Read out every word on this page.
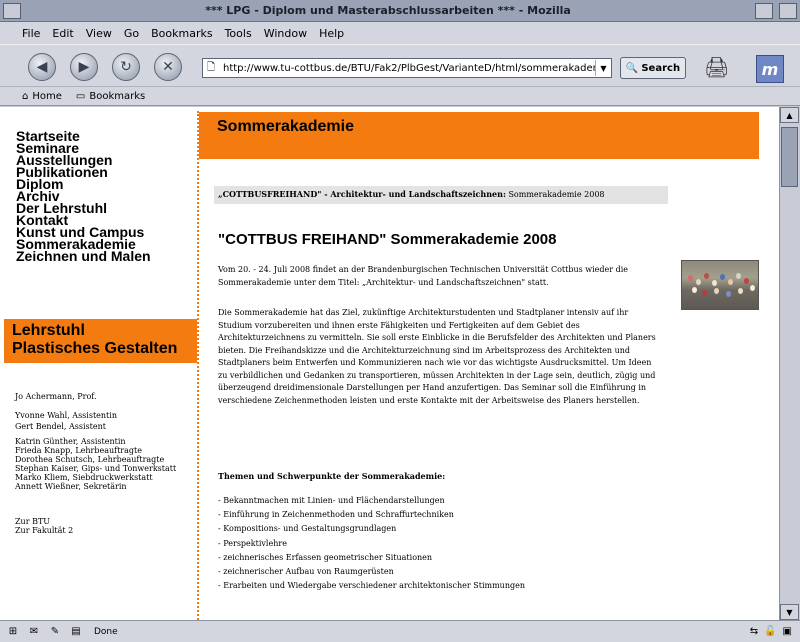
*** LPG - Diplom und Masterabschlussarbeiten *** - Mozilla
File Edit View Go Bookmarks Tools Window Help
◀ ▶ ↻ ✕	🗋
http://www.tu-cottbus.de/BTU/Fak2/PlbGest/VarianteD/html/sommerakademie.html	▼	🔍 Search 🖨	m
⌂ Home ▭ Bookmarks
Startseite
Seminare
Ausstellungen
Publikationen
Diplom
Archiv
Der Lehrstuhl
Kontakt
Kunst und Campus
Sommerakademie
Zeichnen und Malen
Lehrstuhl
Plastisches Gestalten
Jo Achermann, Prof.
Yvonne Wahl, Assistentin
Gert Bendel, Assistent
Katrin Günther, Assistentin
Frieda Knapp, Lehrbeauftragte
Dorothea Schutsch, Lehrbeauftragte
Stephan Kaiser, Gips- und Tonwerkstatt
Marko Kliem, Siebdruckwerkstatt
Annett Wießner, Sekretärin
Zur BTU
Zur Fakultät 2
Sommerakademie
„COTTBUSFREIHAND" - Architektur- und Landschaftszeichnen: Sommerakademie 2008
"COTTBUS FREIHAND" Sommerakademie 2008
Vom 20. - 24. Juli 2008 findet an der Brandenburgischen Technischen Universität Cottbus wieder die Sommerakademie unter dem Titel: „Architektur- und Landschaftszeichnen" statt.
Die Sommerakademie hat das Ziel, zukünftige Architekturstudenten und Stadtplaner intensiv auf ihr Studium vorzubereiten und ihnen erste Fähigkeiten und Fertigkeiten auf dem Gebiet des Architekturzeichnens zu vermitteln. Sie soll erste Einblicke in die Berufsfelder des Architekten und Planers bieten. Die Freihandskizze und die Architekturzeichnung sind im Arbeitsprozess des Architekten und Stadtplaners beim Entwerfen und Kommunizieren nach wie vor das wichtigste Ausdrucksmittel. Um Ideen zu verbildlichen und Gedanken zu transportieren, müssen Architekten in der Lage sein, deutlich, zügig und überzeugend dreidimensionale Darstellungen per Hand anzufertigen. Das Seminar soll die Einführung in verschiedene Zeichenmethoden leisten und erste Kontakte mit der Arbeitsweise des Planers herstellen.
Themen und Schwerpunkte der Sommerakademie:
- Bekanntmachen mit Linien- und Flächendarstellungen
- Einführung in Zeichenmethoden und Schraffurtechniken
- Kompositions- und Gestaltungsgrundlagen
- Perspektivlehre
- zeichnerisches Erfassen geometrischer Situationen
- zeichnerischer Aufbau von Raumgerüsten
- Erarbeiten und Wiedergabe verschiedener architektonischer Stimmungen
▲
▼
⊞	✉	✎	▤	Done	⇆ 🔓 ▣
